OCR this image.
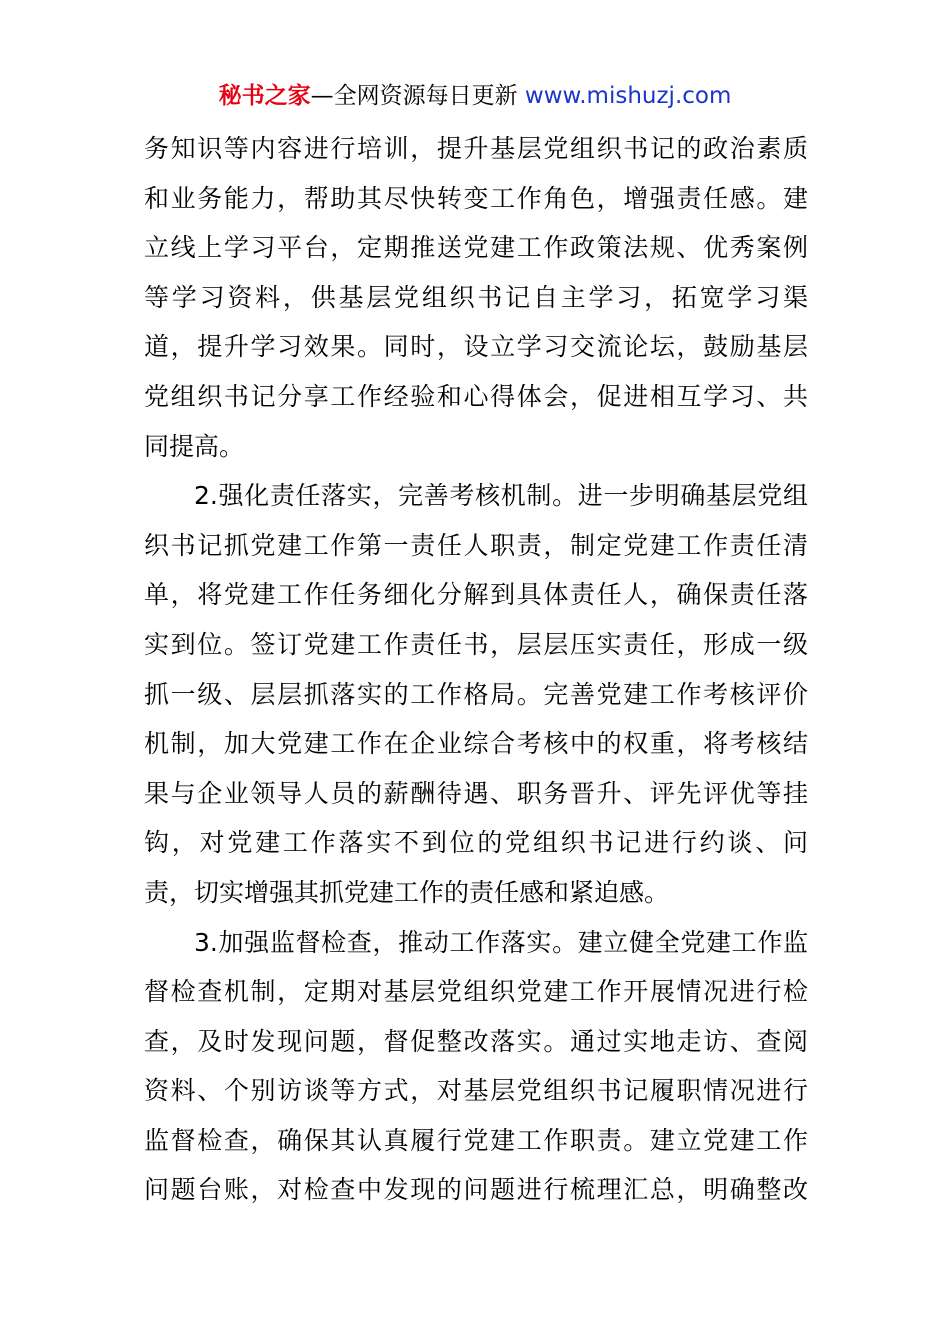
秘书之家—全网资源每日更新 www.mishuzj.com
务知识等内容进行培训，提升基层党组织书记的政治素质
和业务能力，帮助其尽快转变工作角色，增强责任感。建
立线上学习平台，定期推送党建工作政策法规、优秀案例
等学习资料，供基层党组织书记自主学习，拓宽学习渠
道，提升学习效果。同时，设立学习交流论坛，鼓励基层
党组织书记分享工作经验和心得体会，促进相互学习、共
同提高。
2.强化责任落实，完善考核机制。进一步明确基层党组
织书记抓党建工作第一责任人职责，制定党建工作责任清
单，将党建工作任务细化分解到具体责任人，确保责任落
实到位。签订党建工作责任书，层层压实责任，形成一级
抓一级、层层抓落实的工作格局。完善党建工作考核评价
机制，加大党建工作在企业综合考核中的权重，将考核结
果与企业领导人员的薪酬待遇、职务晋升、评先评优等挂
钩，对党建工作落实不到位的党组织书记进行约谈、问
责，切实增强其抓党建工作的责任感和紧迫感。
3.加强监督检查，推动工作落实。建立健全党建工作监
督检查机制，定期对基层党组织党建工作开展情况进行检
查，及时发现问题，督促整改落实。通过实地走访、查阅
资料、个别访谈等方式，对基层党组织书记履职情况进行
监督检查，确保其认真履行党建工作职责。建立党建工作
问题台账，对检查中发现的问题进行梳理汇总，明确整改
